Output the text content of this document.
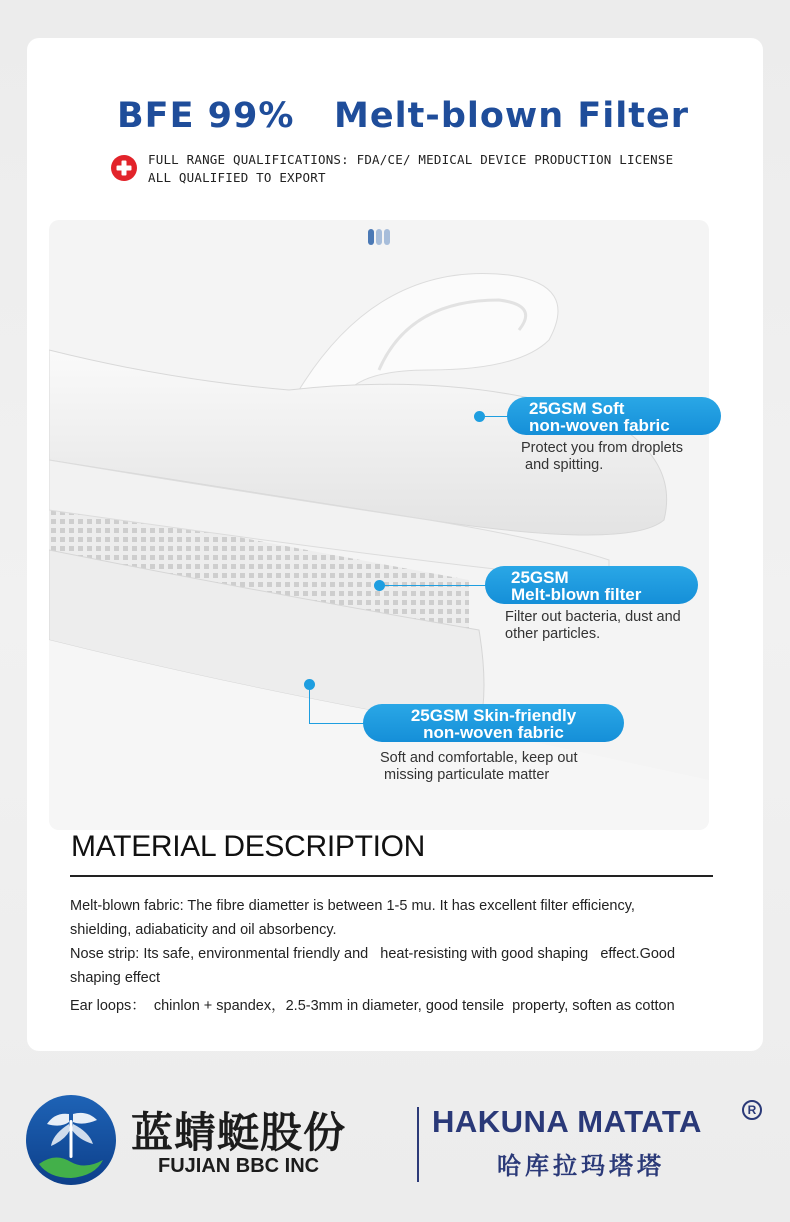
BFE 99%   Melt-blown Filter
FULL RANGE QUALIFICATIONS: FDA/CE/ MEDICAL DEVICE PRODUCTION LICENSE
ALL QUALIFIED TO EXPORT
25GSM Soft
non-woven fabric
Protect you from droplets
and spitting.
25GSM
Melt-blown filter
Filter out bacteria, dust and
other particles.
25GSM Skin-friendly
non-woven fabric
Soft and comfortable, keep out
missing particulate matter
MATERIAL DESCRIPTION
Melt-blown fabric: The fibre diametter is between 1-5 mu. It has excellent filter efficiency,
shielding, adiabaticity and oil absorbency.
Nose strip: Its safe, environmental friendly and   heat-resisting with good shaping   effect.Good
shaping effect
Ear loops：  chinlon + spandex，2.5-3mm in diameter, good tensile  property, soften as cotton
蓝蜻蜓股份
FUJIAN BBC INC
HAKUNA MATATA	R
哈库拉玛塔塔
